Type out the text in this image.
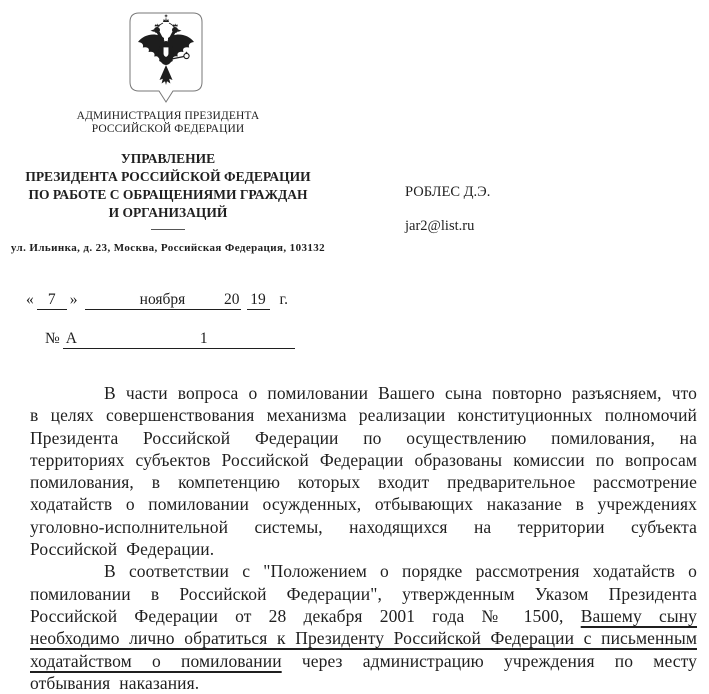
АДМИНИСТРАЦИЯ ПРЕЗИДЕНТА
РОССИЙСКОЙ ФЕДЕРАЦИИ
УПРАВЛЕНИЕ
ПРЕЗИДЕНТА РОССИЙСКОЙ ФЕДЕРАЦИИ
ПО РАБОТЕ С ОБРАЩЕНИЯМИ ГРАЖДАН
И ОРГАНИЗАЦИЙ
ул. Ильинка, д. 23, Москва, Российская Федерация, 103132
РОБЛЕС Д.Э.
jar2@list.ru
« 7 »	ноября 20 19 г.
№ А	1

В части вопроса о помиловании Вашего сына повторно разъясняем, что в целях совершенствования механизма реализации конституционных полномочий Президента Российской Федерации по осуществлению помилования, на территориях субъектов Российской Федерации образованы комиссии по вопросам помилования, в компетенцию которых входит предварительное рассмотрение ходатайств о помиловании осужденных, отбывающих наказание в учреждениях уголовно-исполнительной системы, находящихся на территории субъекта Российской Федерации.

В соответствии с "Положением о порядке рассмотрения ходатайств о помиловании в Российской Федерации", утвержденным Указом Президента Российской Федерации от 28 декабря 2001 года № 1500, Вашему сыну необходимо лично обратиться к Президенту Российской Федерации с письменным ходатайством о помиловании через администрацию учреждения по месту отбывания наказания.
